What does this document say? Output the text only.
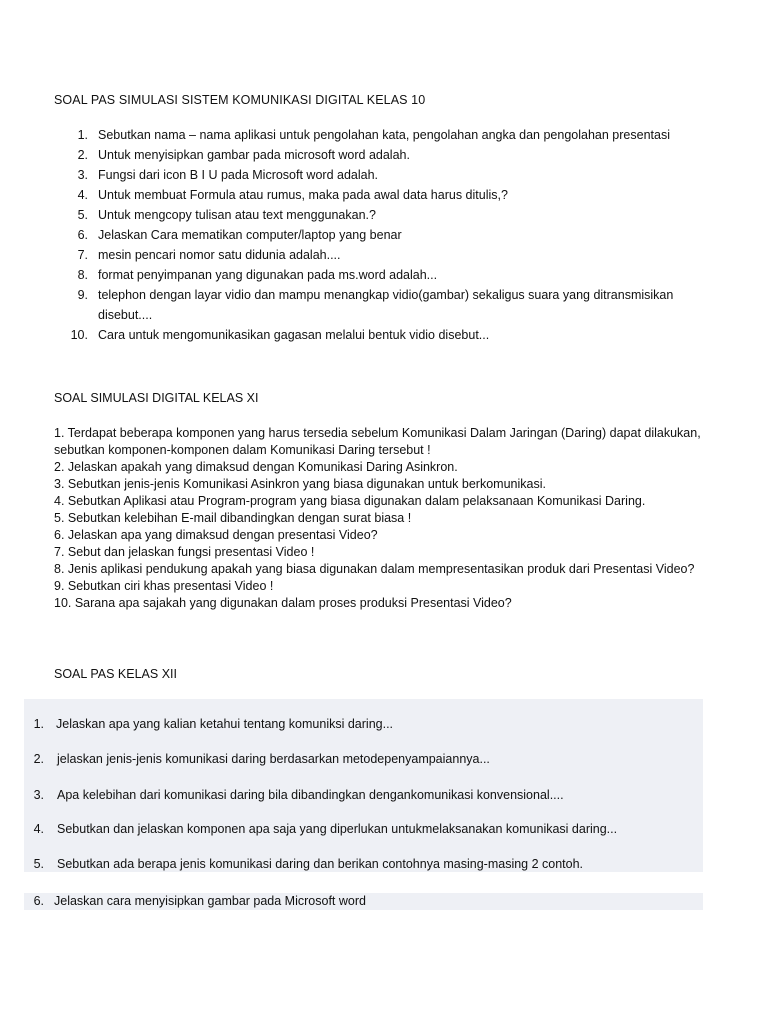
SOAL PAS SIMULASI SISTEM KOMUNIKASI DIGITAL KELAS 10
1. Sebutkan nama – nama aplikasi untuk pengolahan kata, pengolahan angka dan pengolahan presentasi
2. Untuk menyisipkan gambar pada microsoft word adalah.
3. Fungsi dari icon B I U pada Microsoft word adalah.
4. Untuk membuat Formula atau rumus, maka pada awal data harus ditulis,?
5. Untuk mengcopy tulisan atau text menggunakan.?
6. Jelaskan Cara mematikan computer/laptop yang benar
7. mesin pencari nomor satu didunia adalah....
8. format penyimpanan yang digunakan pada ms.word adalah...
9. telephon dengan layar vidio dan mampu menangkap vidio(gambar) sekaligus suara yang ditransmisikan disebut....
10. Cara untuk mengomunikasikan gagasan melalui bentuk vidio disebut...
SOAL SIMULASI DIGITAL KELAS XI
1. Terdapat beberapa komponen yang harus tersedia sebelum Komunikasi Dalam Jaringan (Daring) dapat dilakukan, sebutkan komponen-komponen dalam Komunikasi Daring tersebut !
2. Jelaskan apakah yang dimaksud dengan Komunikasi Daring Asinkron.
3. Sebutkan jenis-jenis Komunikasi Asinkron yang biasa digunakan untuk berkomunikasi.
4. Sebutkan Aplikasi atau Program-program yang biasa digunakan dalam pelaksanaan Komunikasi Daring.
5. Sebutkan kelebihan E-mail dibandingkan dengan surat biasa !
6. Jelaskan apa yang dimaksud dengan presentasi Video?
7. Sebut dan jelaskan fungsi presentasi Video !
8. Jenis aplikasi pendukung apakah yang biasa digunakan dalam mempresentasikan produk dari Presentasi Video?
9. Sebutkan ciri khas presentasi Video !
10. Sarana apa sajakah yang digunakan dalam proses produksi Presentasi Video?
SOAL PAS KELAS XII
1. Jelaskan apa yang kalian ketahui tentang komuniksi daring...
2. jelaskan jenis-jenis komunikasi daring berdasarkan metodepenyampaiannya...
3. Apa kelebihan dari komunikasi daring bila dibandingkan dengankomunikasi konvensional....
4. Sebutkan dan jelaskan komponen apa saja yang diperlukan untukmelaksanakan komunikasi daring...
5. Sebutkan ada berapa jenis komunikasi daring dan berikan contohnya masing-masing 2 contoh.
6. Jelaskan cara menyisipkan gambar pada Microsoft word
